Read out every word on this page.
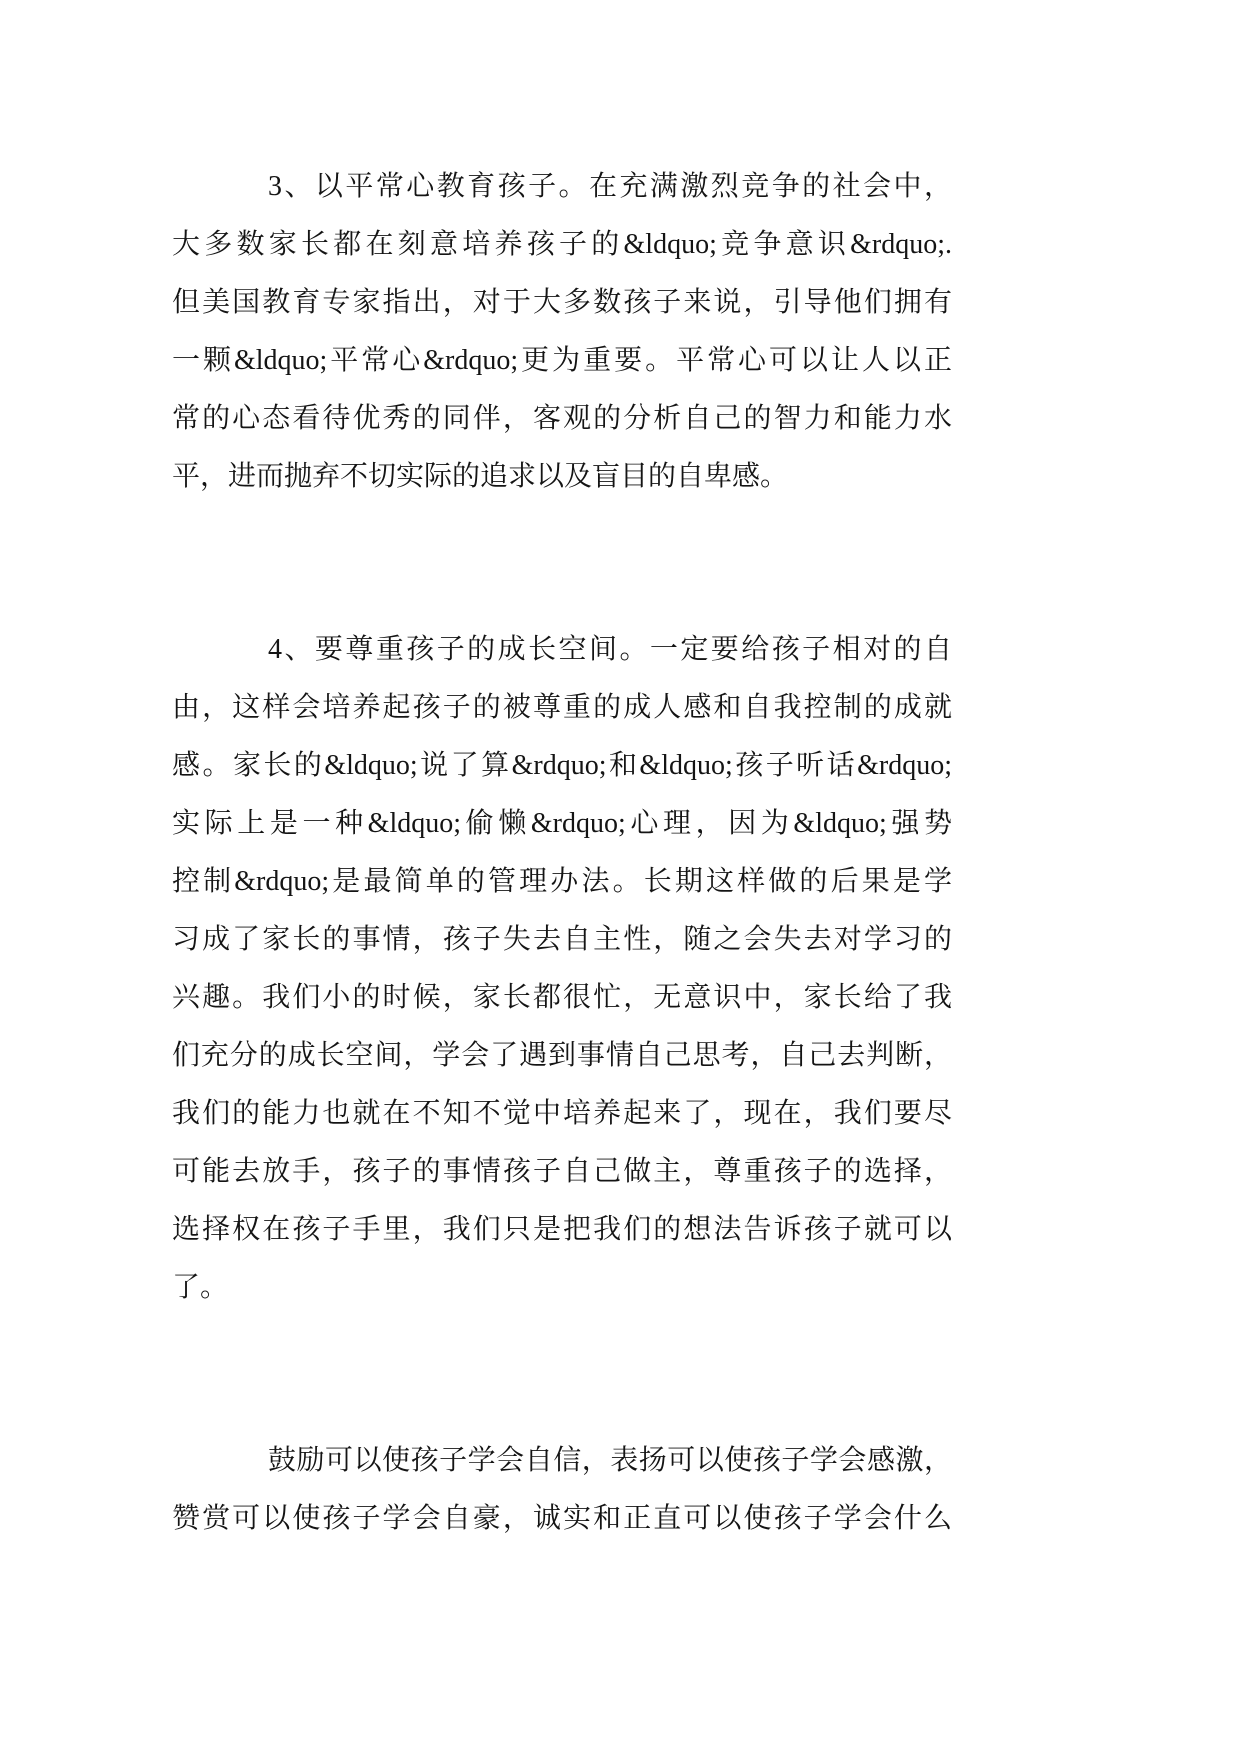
3、以平常心教育孩子。在充满激烈竞争的社会中，
大多数家长都在刻意培养孩子的&ldquo;竞争意识&rdquo;.
但美国教育专家指出，对于大多数孩子来说，引导他们拥有
一颗&ldquo;平常心&rdquo;更为重要。平常心可以让人以正
常的心态看待优秀的同伴，客观的分析自己的智力和能力水
平，进而抛弃不切实际的追求以及盲目的自卑感。
4、要尊重孩子的成长空间。一定要给孩子相对的自
由，这样会培养起孩子的被尊重的成人感和自我控制的成就
感。家长的&ldquo;说了算&rdquo;和&ldquo;孩子听话&rdquo;
实际上是一种&ldquo;偷懒&rdquo;心理，因为&ldquo;强势
控制&rdquo;是最简单的管理办法。长期这样做的后果是学
习成了家长的事情，孩子失去自主性，随之会失去对学习的
兴趣。我们小的时候，家长都很忙，无意识中，家长给了我
们充分的成长空间，学会了遇到事情自己思考，自己去判断，
我们的能力也就在不知不觉中培养起来了，现在，我们要尽
可能去放手，孩子的事情孩子自己做主，尊重孩子的选择，
选择权在孩子手里，我们只是把我们的想法告诉孩子就可以
了。
鼓励可以使孩子学会自信，表扬可以使孩子学会感激，
赞赏可以使孩子学会自豪，诚实和正直可以使孩子学会什么
